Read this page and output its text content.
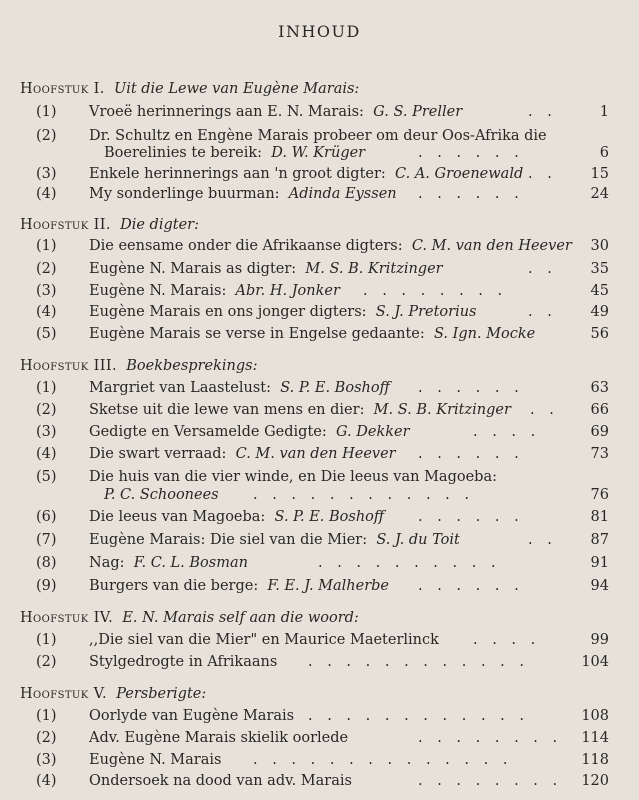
INHOUD
Hoofstuk I. Uit die Lewe van Eugène Marais:
(1) Vroeë herinnerings aan E. N. Marais: G. S. Preller	. .	1
(2) Dr. Schultz en Engène Marais probeer om deur Oos-Afrika die
Boerelinies te bereik: D. W. Krüger	. . . . . .	6
(3) Enkele herinnerings aan 'n groot digter: C. A. Groenewald . . 15
(4) My sonderlinge buurman: Adinda Eyssen . . . . . .	24
Hoofstuk II. Die digter:
(1) Die eensame onder die Afrikaanse digters: C. M. van den Heever 30
(2) Eugène N. Marais as digter: M. S. B. Kritzinger	. . 35
(3) Eugène N. Marais: Abr. H. Jonker . . . . . . . .	45
(4) Eugène Marais en ons jonger digters: S. J. Pretorius	. . 49
(5) Eugène Marais se verse in Engelse gedaante: S. Ign. Mocke	56
Hoofstuk III. Boekbesprekings:
(1) Margriet van Laastelust: S. P. E. Boshoff . . . . . .	63
(2) Sketse uit die lewe van mens en dier: M. S. B. Kritzinger . . 66
(3) Gedigte en Versamelde Gedigte: G. Dekker	. . . .	69
(4) Die swart verraad: C. M. van den Heever . . . . . .	73
(5) Die huis van die vier winde, en Die leeus van Magoeba:
P. C. Schoonees . . . . . . . . . . . .	76
(6) Die leeus van Magoeba: S. P. E. Boshoff . . . . . .	81
(7) Eugène Marais: Die siel van die Mier: S. J. du Toit	. . 87
(8) Nag: F. C. L. Bosman	. . . . . . . . . .	91
(9) Burgers van die berge: F. E. J. Malherbe . . . . . .	94
Hoofstuk IV. E. N. Marais self aan die woord:
(1) ,,Die siel van die Mier" en Maurice Maeterlinck . . . .	99
(2) Stylgedrogte in Afrikaans . . . . . . . . . . . .	104
Hoofstuk V. Persberigte:
(1) Oorlyde van Eugène Marais . . . . . . . . . . . .	108
(2) Adv. Eugène Marais skielik oorlede	. . . . . . . . 114
(3) Eugène N. Marais . . . . . . . . . . . . . .	118
(4) Ondersoek na dood van adv. Marais	. . . . . . . . 120
